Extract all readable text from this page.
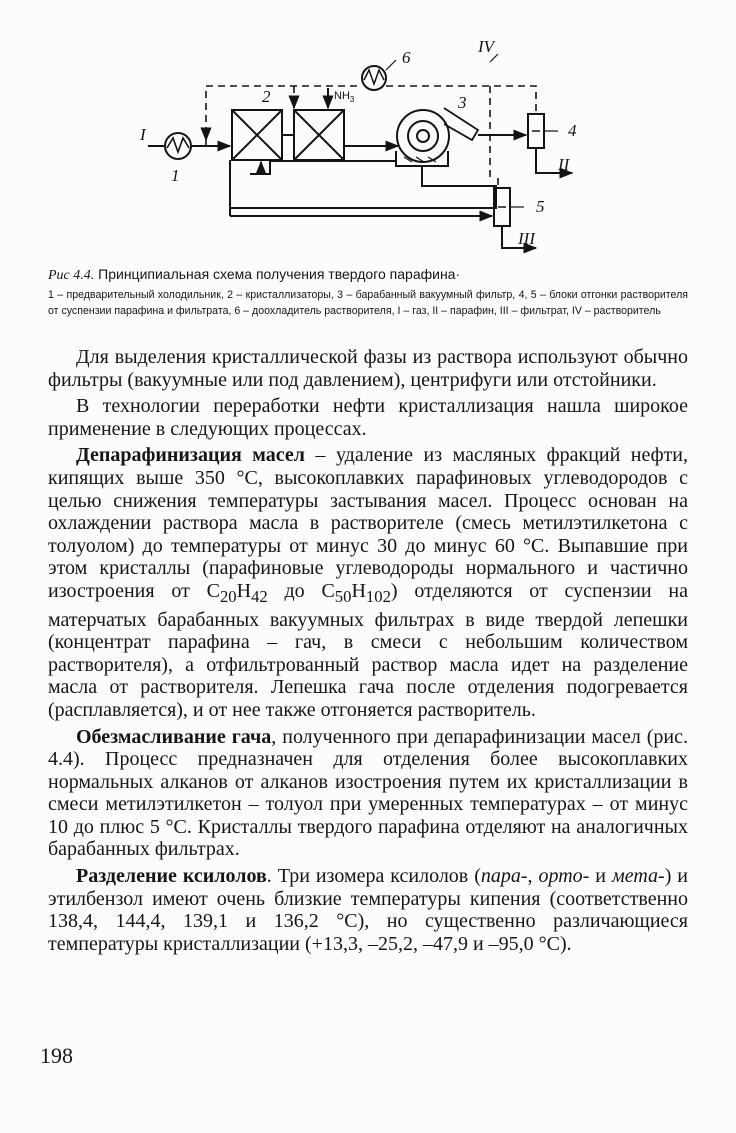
I
1
2	3
4
5
6
II
III
IV
$NH_3$

Рис 4.4. Принципиальная схема получения твердого парафина·

1 – предварительный холодильник, 2 – кристаллизаторы, 3 – барабанный вакуумный фильтр, 4, 5 – блоки отгонки растворителя от суспензии парафина и фильтрата, 6 – доохладитель растворителя, I – газ, II – парафин, III – фильтрат, IV – растворитель

Для выделения кристаллической фазы из раствора используют обычно фильтры (вакуумные или под давлением), центрифуги или отстойники.

В технологии переработки нефти кристаллизация нашла широкое применение в следующих процессах.

Депарафинизация масел – удаление из масляных фракций нефти, кипящих выше 350 °С, высокоплавких парафиновых углеводородов с целью снижения температуры застывания масел. Процесс основан на охлаждении раствора масла в растворителе (смесь метилэтилкетона с толуолом) до температуры от минус 30 до минус 60 °С. Выпавшие при этом кристаллы (парафиновые углеводороды нормального и частично изостроения от $C_{20}H_{42}$ до $C_{50}H_{102}$) отделяются от суспензии на матерчатых барабанных вакуумных фильтрах в виде твердой лепешки (концентрат парафина – гач, в смеси с небольшим количеством растворителя), а отфильтрованный раствор масла идет на разделение масла от растворителя. Лепешка гача после отделения подогревается (расплавляется), и от нее также отгоняется растворитель.

Обезмасливание гача, полученного при депарафинизации масел (рис. 4.4). Процесс предназначен для отделения более высокоплавких нормальных алканов от алканов изостроения путем их кристаллизации в смеси метилэтилкетон – толуол при умеренных температурах – от минус 10 до плюс 5 °С. Кристаллы твердого парафина отделяют на аналогичных барабанных фильтрах.

Разделение ксилолов. Три изомера ксилолов (пара-, орто- и мета-) и этилбензол имеют очень близкие температуры кипения (соответственно 138,4, 144,4, 139,1 и 136,2 °С), но существенно различающиеся температуры кристаллизации (+13,3, –25,2, –47,9 и –95,0 °С).

198
